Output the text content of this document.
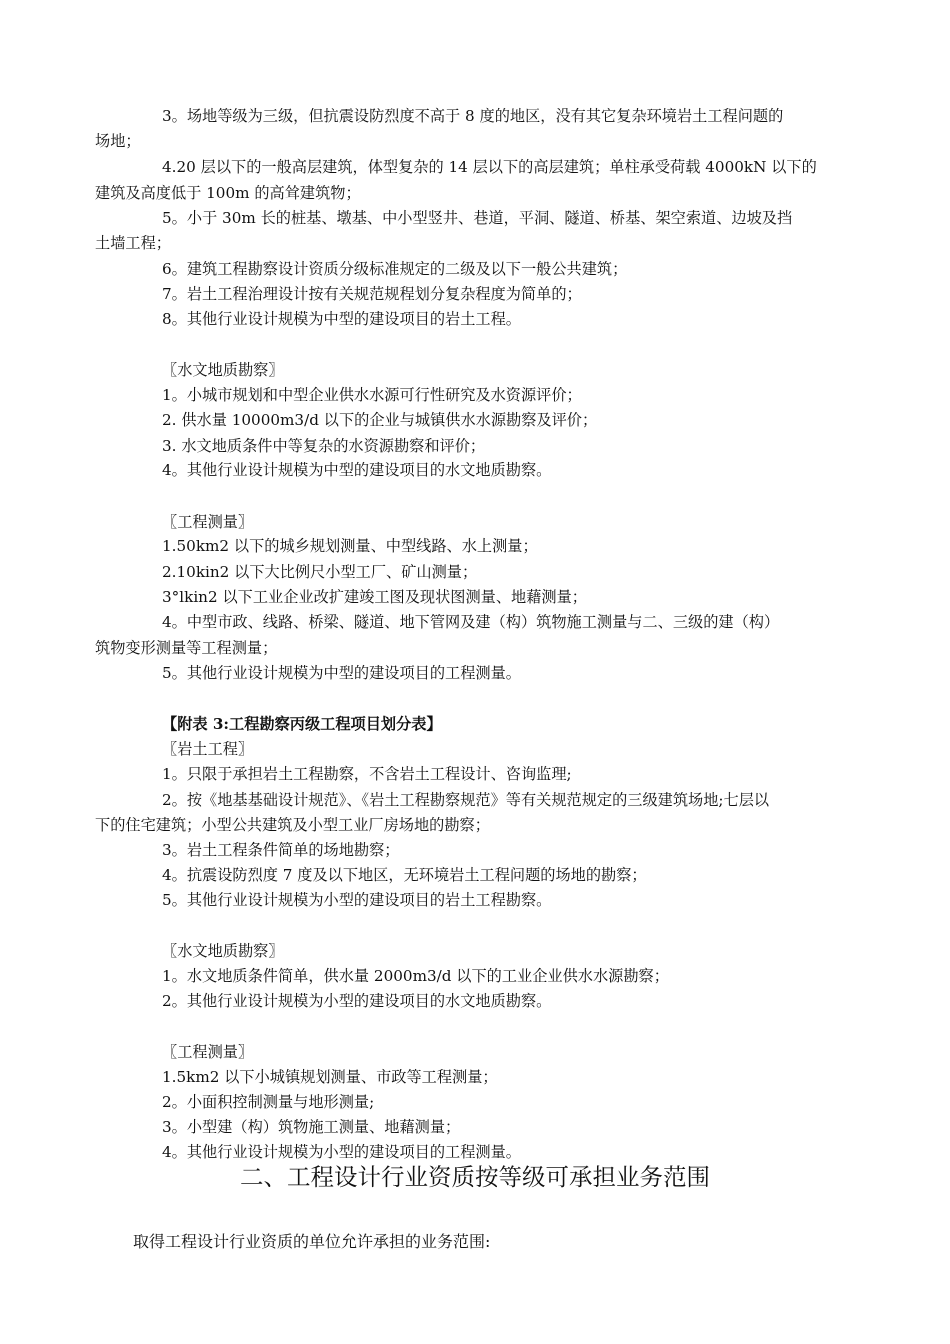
3。场地等级为三级，但抗震设防烈度不高于 8 度的地区，没有其它复杂环境岩土工程问题的
场地；
4.20 层以下的一般高层建筑，体型复杂的 14 层以下的高层建筑；单柱承受荷载 4000kN 以下的
建筑及高度低于 100m 的高耸建筑物；
5。小于 30m 长的桩基、墩基、中小型竖井、巷道，平洞、隧道、桥基、架空索道、边坡及挡
土墙工程；
6。建筑工程勘察设计资质分级标准规定的二级及以下一般公共建筑；
7。岩土工程治理设计按有关规范规程划分复杂程度为简单的；
8。其他行业设计规模为中型的建设项目的岩土工程。
〖水文地质勘察〗
1。小城市规划和中型企业供水水源可行性研究及水资源评价；
2. 供水量 10000m3/d 以下的企业与城镇供水水源勘察及评价；
3. 水文地质条件中等复杂的水资源勘察和评价；
4。其他行业设计规模为中型的建设项目的水文地质勘察。
〖工程测量〗
1.50km2 以下的城乡规划测量、中型线路、水上测量；
2.10kin2 以下大比例尺小型工厂、矿山测量；
3°lkin2 以下工业企业改扩建竣工图及现状图测量、地藉测量；
4。中型市政、线路、桥梁、隧道、地下管网及建（构）筑物施工测量与二、三级的建（构）
筑物变形测量等工程测量；
5。其他行业设计规模为中型的建设项目的工程测量。
【附表 3:工程勘察丙级工程项目划分表】
〖岩土工程〗
1。只限于承担岩土工程勘察，不含岩土工程设计、咨询监理;
2。按《地基基础设计规范》、《岩土工程勘察规范》等有关规范规定的三级建筑场地;七层以
下的住宅建筑；小型公共建筑及小型工业厂房场地的勘察；
3。岩土工程条件简单的场地勘察；
4。抗震设防烈度 7 度及以下地区，无环境岩土工程问题的场地的勘察；
5。其他行业设计规模为小型的建设项目的岩土工程勘察。
〖水文地质勘察〗
1。水文地质条件简单，供水量 2000m3/d 以下的工业企业供水水源勘察；
2。其他行业设计规模为小型的建设项目的水文地质勘察。
〖工程测量〗
1.5km2 以下小城镇规划测量、市政等工程测量；
2。小面积控制测量与地形测量;
3。小型建（构）筑物施工测量、地藉测量；
4。其他行业设计规模为小型的建设项目的工程测量。
二、工程设计行业资质按等级可承担业务范围
取得工程设计行业资质的单位允许承担的业务范围:
